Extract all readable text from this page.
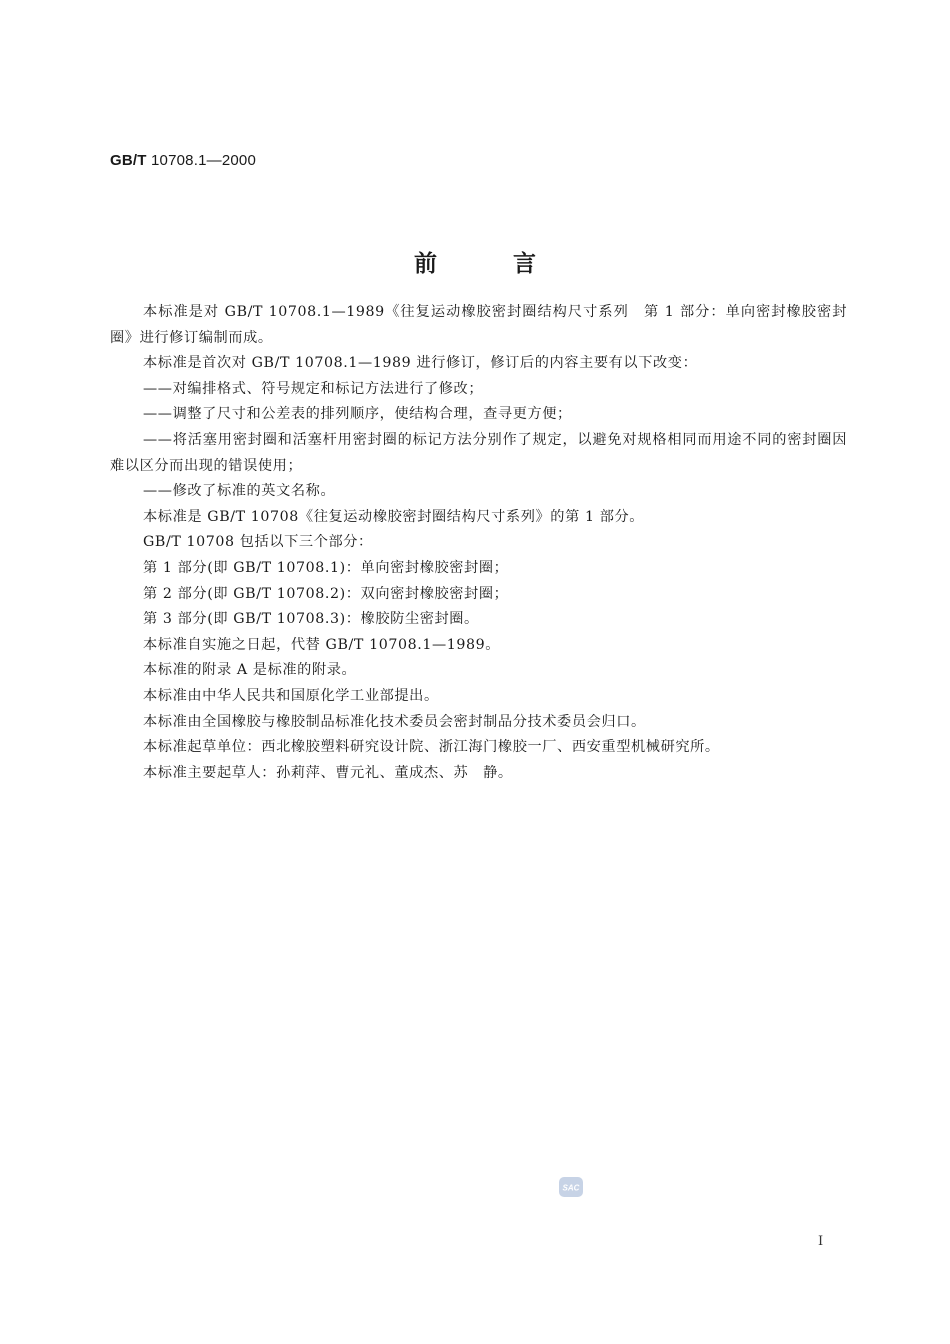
GB/T 10708.1—2000
前	言

本标准是对 GB/T 10708.1—1989《往复运动橡胶密封圈结构尺寸系列　第 1 部分：单向密封橡胶密封圈》进行修订编制而成。

本标准是首次对 GB/T 10708.1—1989 进行修订，修订后的内容主要有以下改变：

——对编排格式、符号规定和标记方法进行了修改；

——调整了尺寸和公差表的排列顺序，使结构合理，查寻更方便；

——将活塞用密封圈和活塞杆用密封圈的标记方法分别作了规定，以避免对规格相同而用途不同的密封圈因难以区分而出现的错误使用；

——修改了标准的英文名称。

本标准是 GB/T 10708《往复运动橡胶密封圈结构尺寸系列》的第 1 部分。

GB/T 10708 包括以下三个部分：

第 1 部分(即 GB/T 10708.1)：单向密封橡胶密封圈；

第 2 部分(即 GB/T 10708.2)：双向密封橡胶密封圈；

第 3 部分(即 GB/T 10708.3)：橡胶防尘密封圈。

本标准自实施之日起，代替 GB/T 10708.1—1989。

本标准的附录 A 是标准的附录。

本标准由中华人民共和国原化学工业部提出。

本标准由全国橡胶与橡胶制品标准化技术委员会密封制品分技术委员会归口。

本标准起草单位：西北橡胶塑料研究设计院、浙江海门橡胶一厂、西安重型机械研究所。

本标准主要起草人：孙莉萍、曹元礼、董成杰、苏　静。

SAC
I
